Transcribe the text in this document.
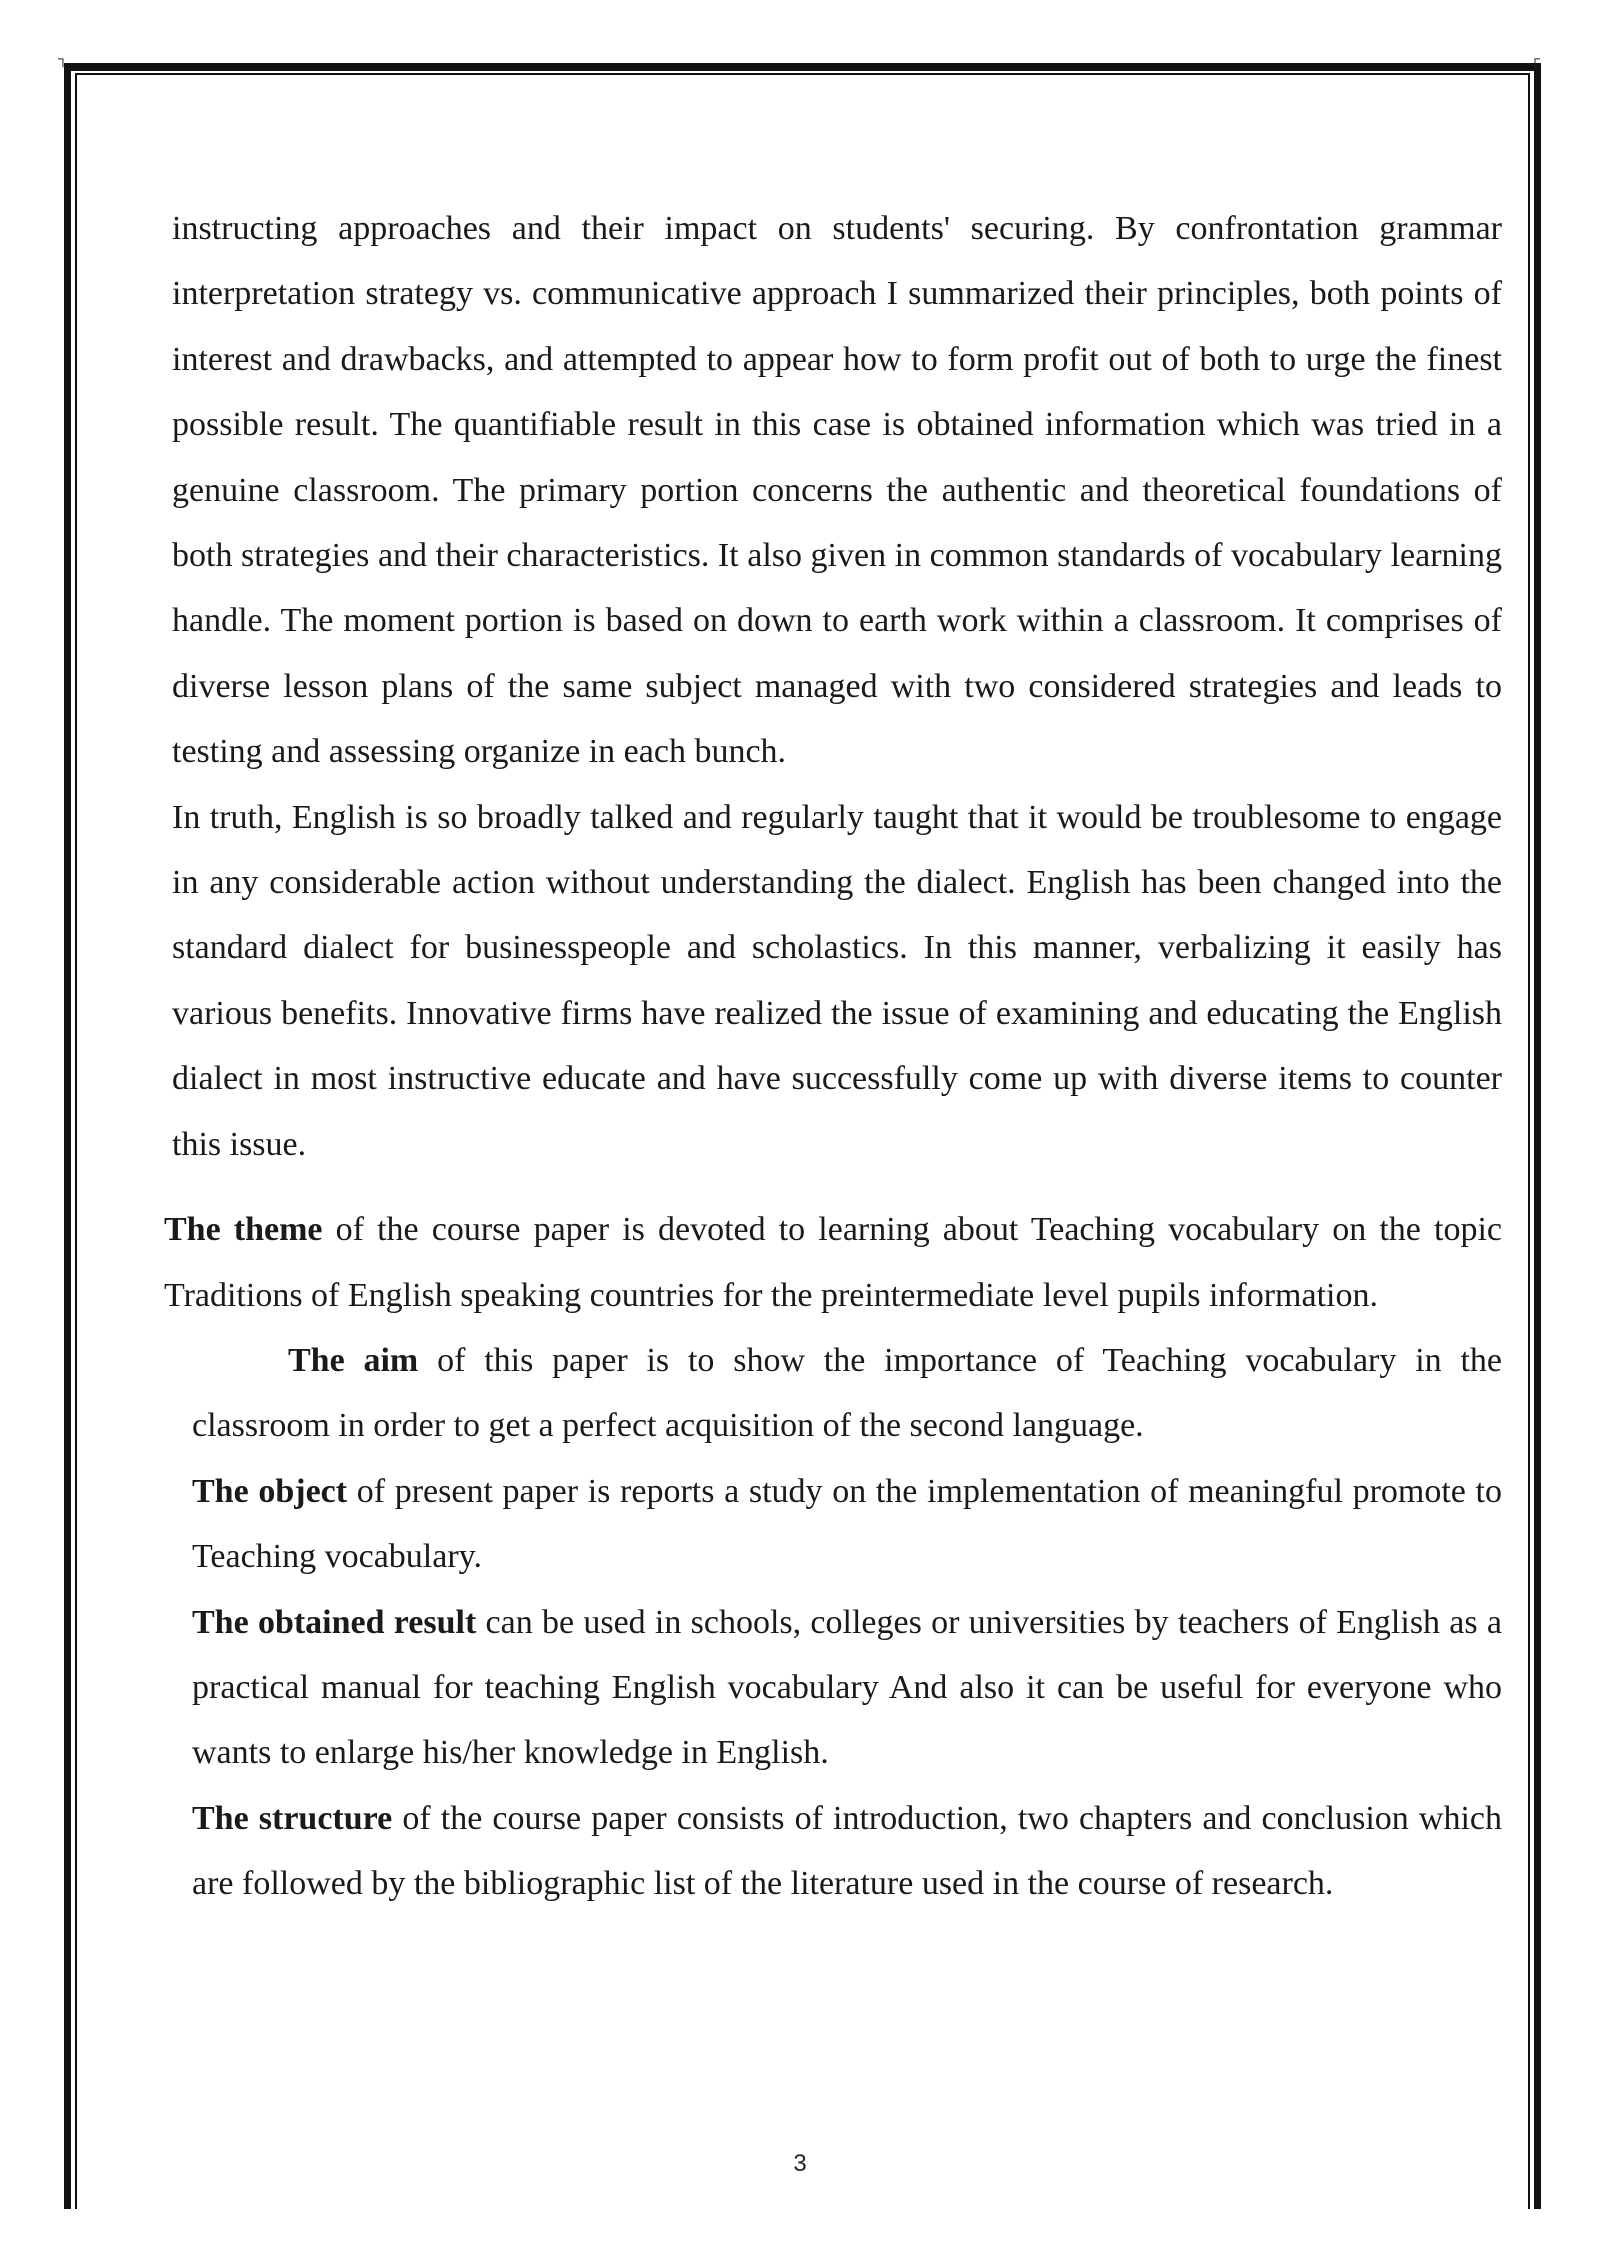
┐	┌

instructing approaches and their impact on students' securing. By confrontation grammar interpretation strategy vs. communicative approach I summarized their principles, both points of interest and drawbacks, and attempted to appear how to form profit out of both to urge the finest possible result. The quantifiable result in this case is obtained information which was tried in a genuine classroom. The primary portion concerns the authentic and theoretical foundations of both strategies and their characteristics. It also given in common standards of vocabulary learning handle. The moment portion is based on down to earth work within a classroom. It comprises of diverse lesson plans of the same subject managed with two considered strategies and leads to testing and assessing organize in each bunch.

In truth, English is so broadly talked and regularly taught that it would be troublesome to engage in any considerable action without understanding the dialect. English has been changed into the standard dialect for businesspeople and scholastics. In this manner, verbalizing it easily has various benefits. Innovative firms have realized the issue of examining and educating the English dialect in most instructive educate and have successfully come up with diverse items to counter this issue.

The theme of the course paper is devoted to learning about Teaching vocabulary on the topic Traditions of English speaking countries for the preintermediate level pupils information.

The aim of this paper is to show the importance of Teaching vocabulary in the classroom in order to get a perfect acquisition of the second language.

The object of present paper is reports a study on the implementation of meaningful promote to Teaching vocabulary.

The obtained result can be used in schools, colleges or universities by teachers of English as a practical manual for teaching English vocabulary And also it can be useful for everyone who wants to enlarge his/her knowledge in English.

The structure of the course paper consists of introduction, two chapters and conclusion which are followed by the bibliographic list of the literature used in the course of research.

3
